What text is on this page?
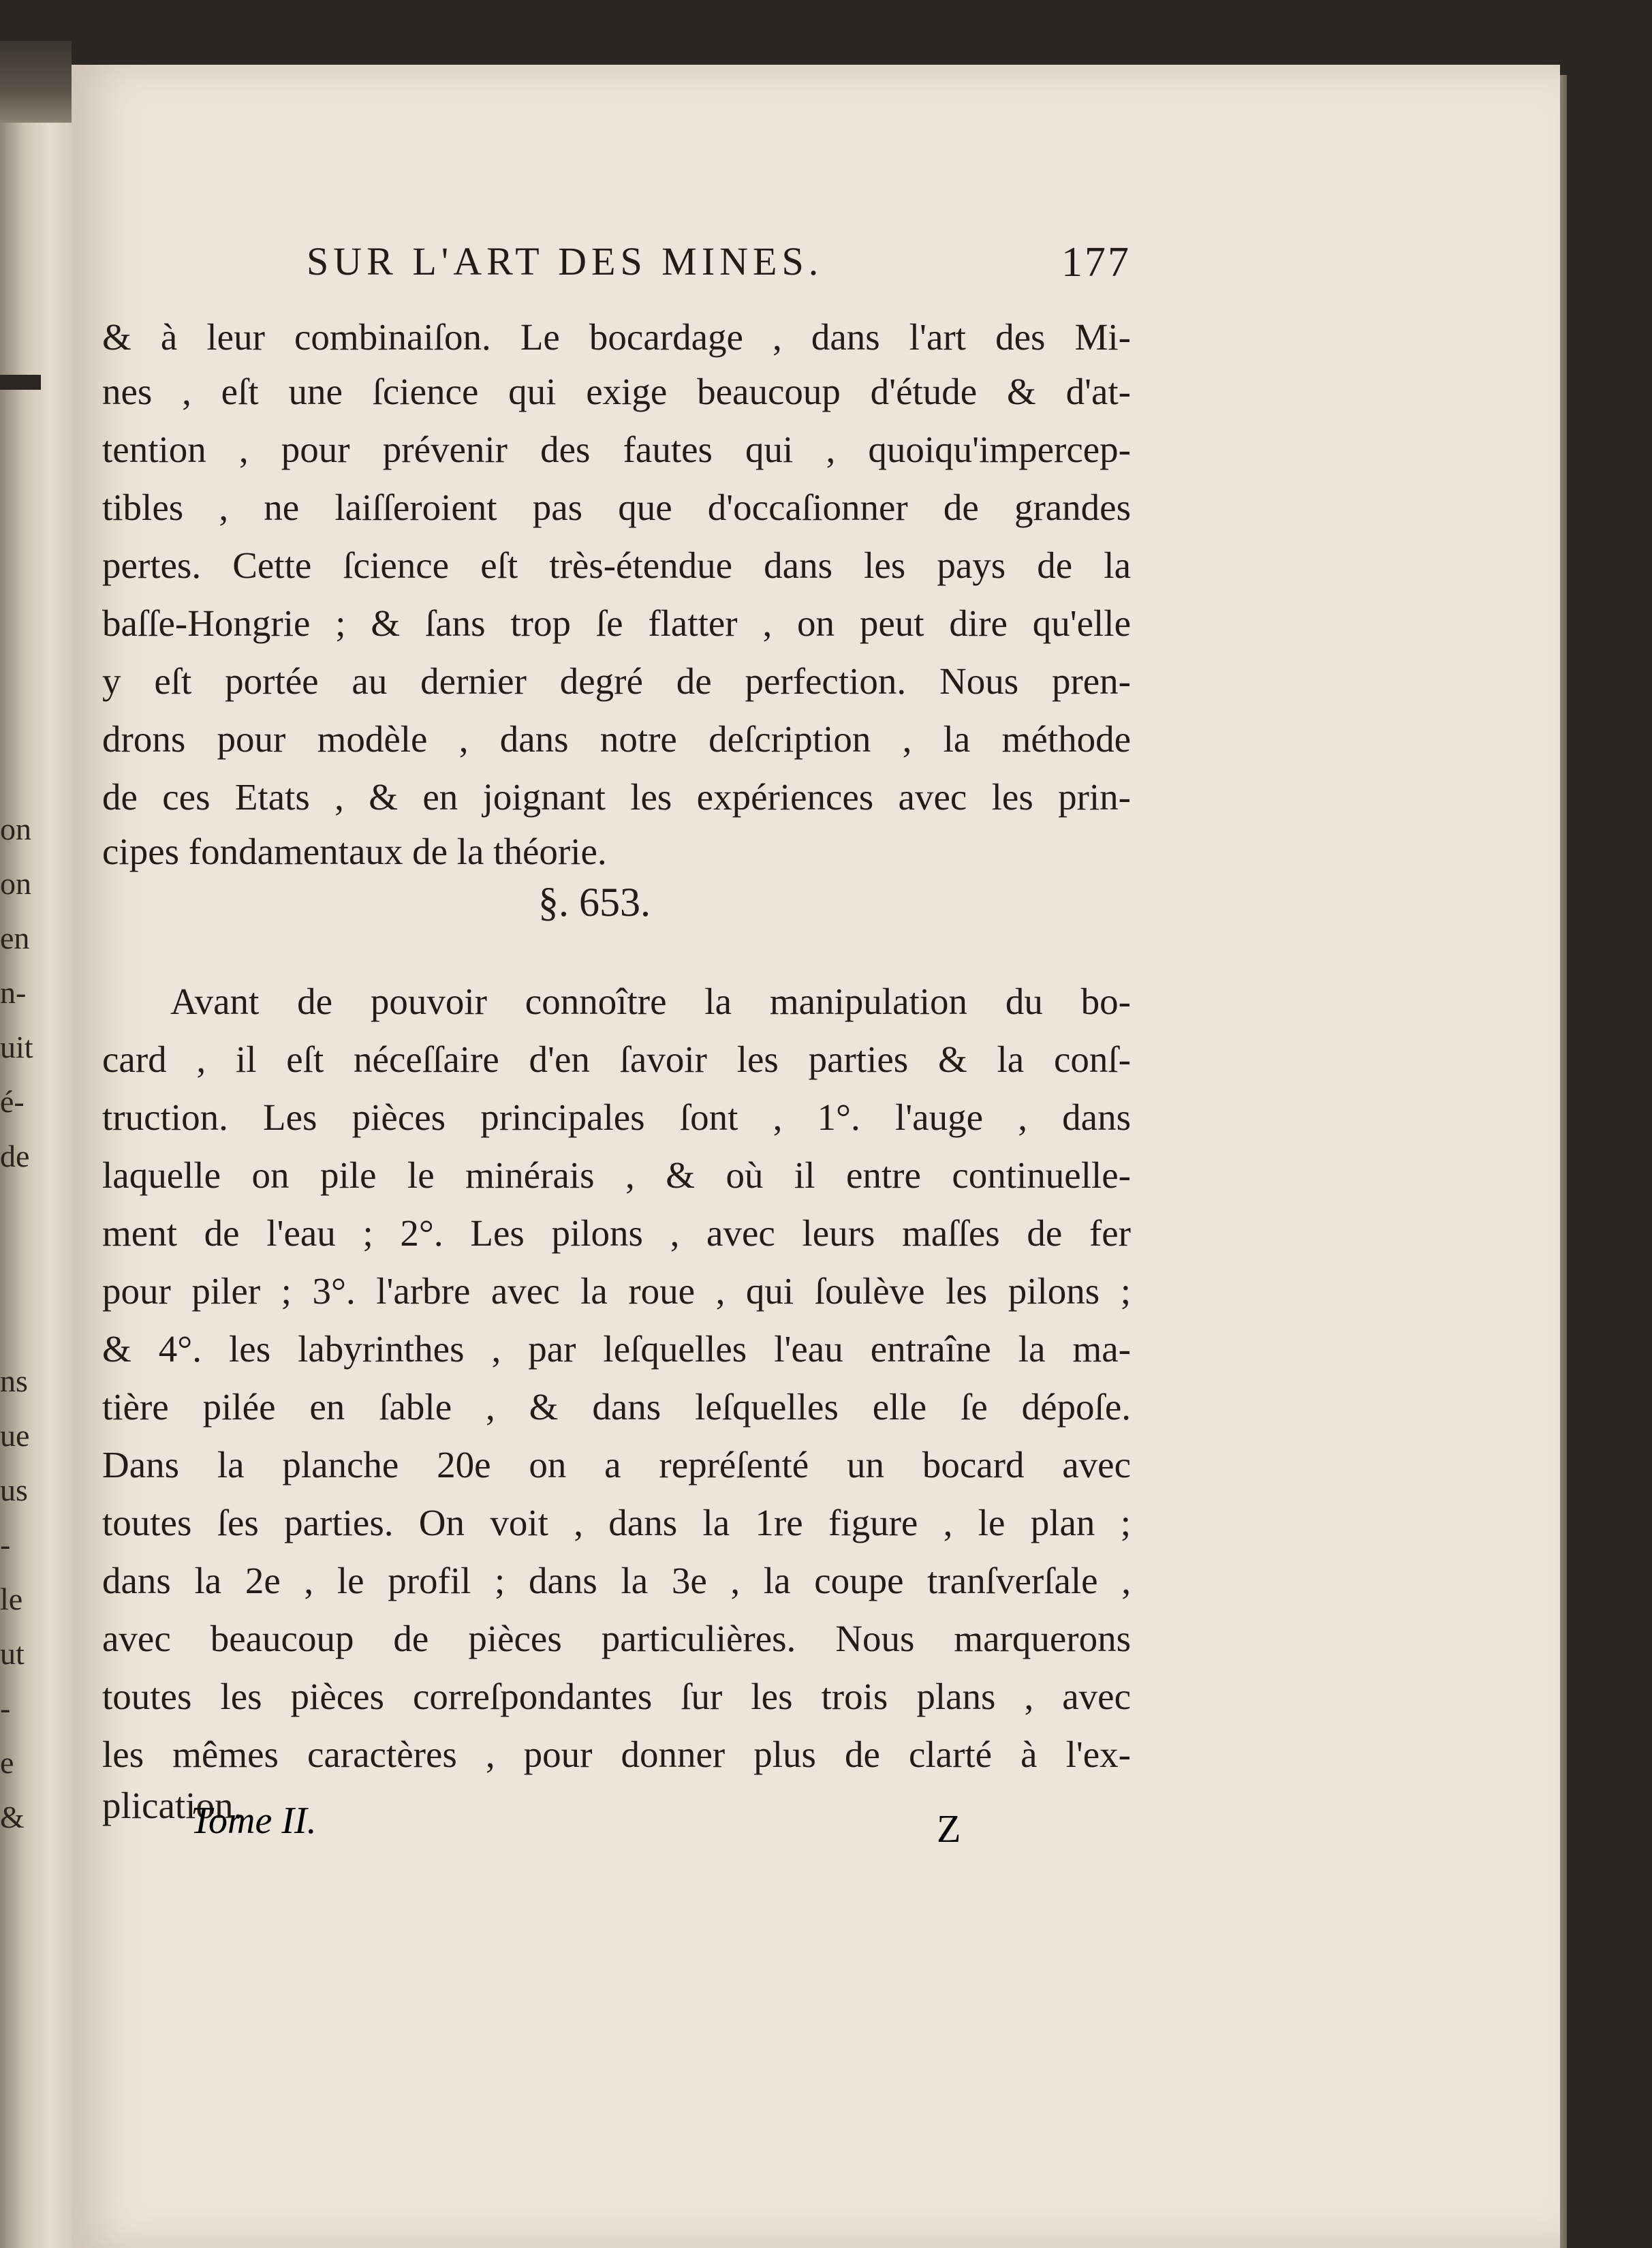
on
on
en
n-
uit
é-
de
ns
ue
us
-
le
ut
-
e
&
SUR L'ART DES MINES.	177
& à leur combinaiſon. Le bocardage , dans l'art des Mi-
nes , eſt une ſcience qui exige beaucoup d'étude & d'at-
tention , pour prévenir des fautes qui , quoiqu'impercep-
tibles , ne laiſſeroient pas que d'occaſionner de grandes
pertes. Cette ſcience eſt très-étendue dans les pays de la
baſſe-Hongrie ; & ſans trop ſe flatter , on peut dire qu'elle
y eſt portée au dernier degré de perfection. Nous pren-
drons pour modèle , dans notre deſcription , la méthode
de ces Etats , & en joignant les expériences avec les prin-
cipes fondamentaux de la théorie.
§. 653.
Avant de pouvoir connoître la manipulation du bo-
card , il eſt néceſſaire d'en ſavoir les parties & la conſ-
truction. Les pièces principales ſont , 1°. l'auge , dans
laquelle on pile le minérais , & où il entre continuelle-
ment de l'eau ; 2°. Les pilons , avec leurs maſſes de fer
pour piler ; 3°. l'arbre avec la roue , qui ſoulève les pilons ;
& 4°. les labyrinthes , par leſquelles l'eau entraîne la ma-
tière pilée en ſable , & dans leſquelles elle ſe dépoſe.
Dans la planche 20e on a repréſenté un bocard avec
toutes ſes parties. On voit , dans la 1re figure , le plan ;
dans la 2e , le profil ; dans la 3e , la coupe tranſverſale ,
avec beaucoup de pièces particulières. Nous marquerons
toutes les pièces correſpondantes ſur les trois plans , avec
les mêmes caractères , pour donner plus de clarté à l'ex-
plication.
Tome II.	Z
